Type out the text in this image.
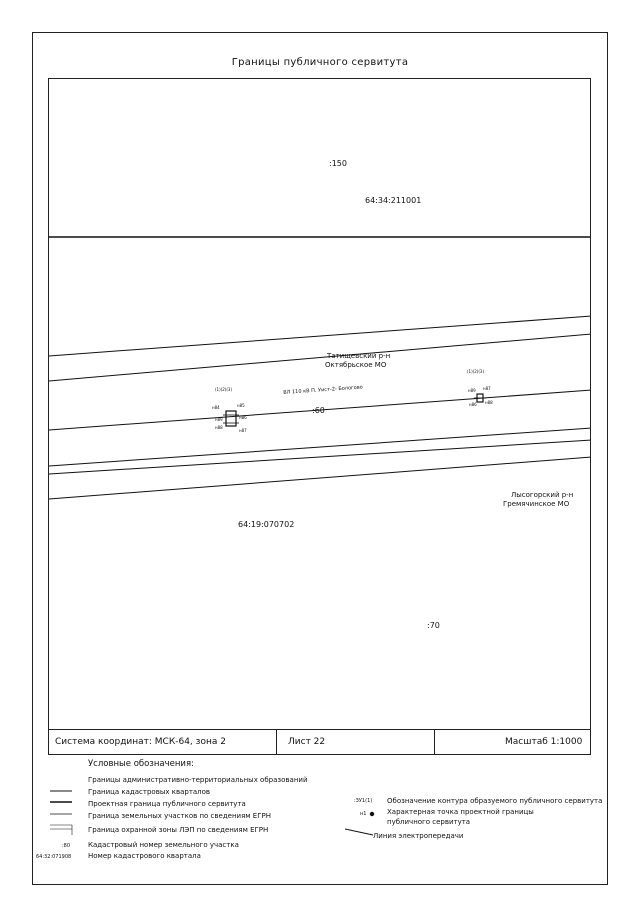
Границы публичного сервитута
:150
64:34:211001
Татищевский р-н
Октябрьское МО
ВЛ 110 кВ П. Уист-2- Бологово
:60
(1)(2)(3)
(1)(2)(3)
н84	н85
н86
н87
н88
н89
н89 н87
н88
н86
Лысогорский р-н
Гремячинское МО
64:19:070702
:70
Система координат: МСК-64, зона 2	Лист 22	Масштаб 1:1000
Условные обозначения:
Границы административно-территориальных образований
Граница кадастровых кварталов
Проектная граница публичного сервитута
Граница земельных участков по сведениям ЕГРН
Граница охранной зоны ЛЭП по сведениям ЕГРН
:80	Кадастровый номер земельного участка
64:32:071908 Номер кадастрового квартала
:ЗУ1(1) Обозначение контура образуемого публичного сервитута
н1	Характерная точка проектной границы
публичного сервитута
Линия электропередачи
